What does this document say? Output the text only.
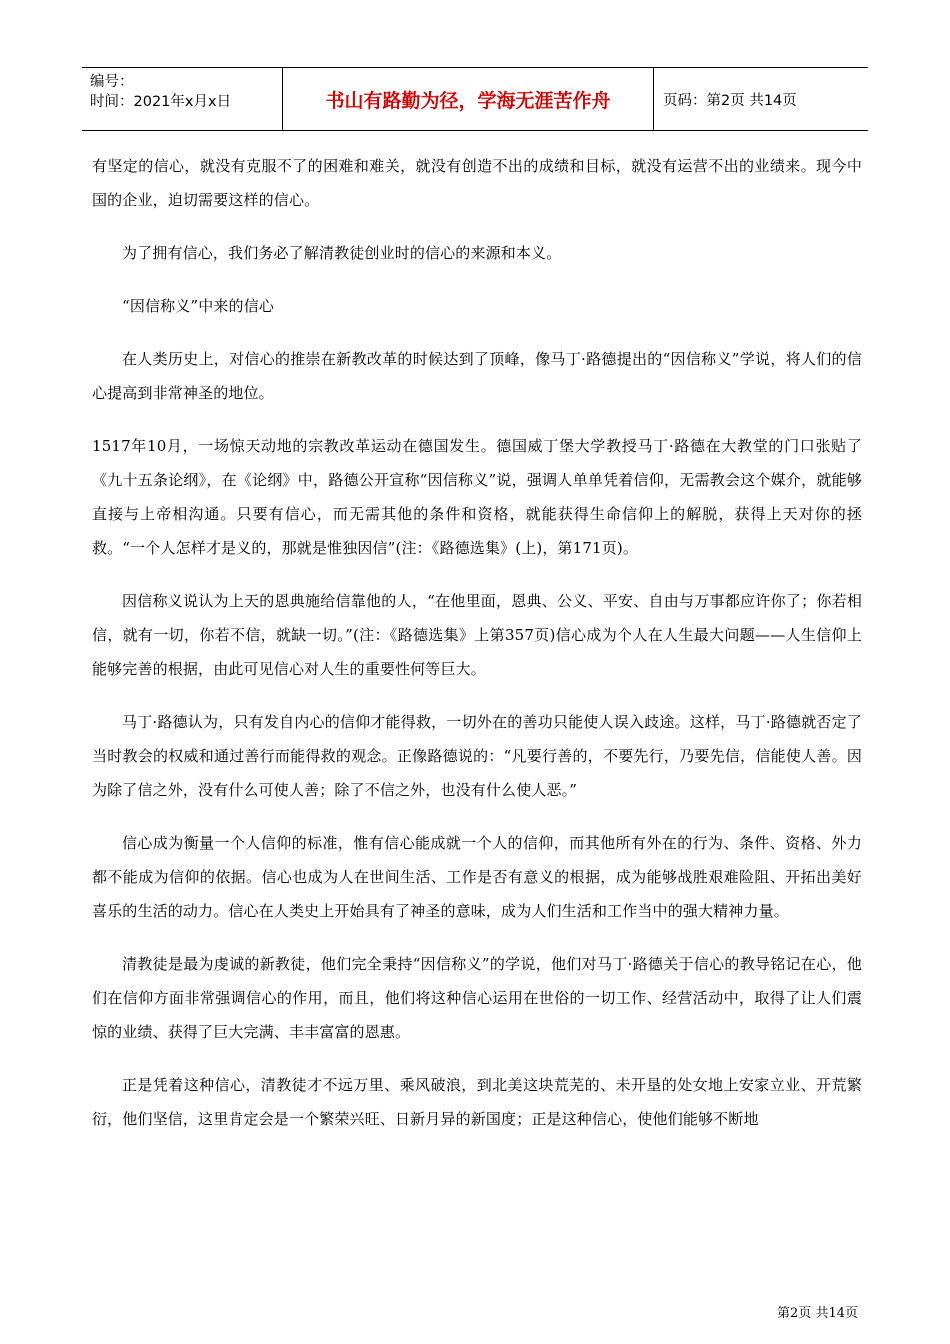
编号：
时间：2021年x月x日	书山有路勤为径，学海无涯苦作舟	页码：第2页 共14页

有坚定的信心，就没有克服不了的困难和难关，就没有创造不出的成绩和目标，就没有运营不出的业绩来。现今中国的企业，迫切需要这样的信心。

为了拥有信心，我们务必了解清教徒创业时的信心的来源和本义。

“因信称义”中来的信心

在人类历史上，对信心的推崇在新教改革的时候达到了顶峰，像马丁·路德提出的“因信称义”学说，将人们的信心提高到非常神圣的地位。

1517年10月，一场惊天动地的宗教改革运动在德国发生。德国威丁堡大学教授马丁·路德在大教堂的门口张贴了《九十五条论纲》，在《论纲》中，路德公开宣称“因信称义”说，强调人单单凭着信仰，无需教会这个媒介，就能够直接与上帝相沟通。只要有信心，而无需其他的条件和资格，就能获得生命信仰上的解脱，获得上天对你的拯救。“一个人怎样才是义的，那就是惟独因信”(注：《路德选集》(上)，第171页)。

因信称义说认为上天的恩典施给信靠他的人，“在他里面，恩典、公义、平安、自由与万事都应许你了；你若相信，就有一切，你若不信，就缺一切。”(注：《路德选集》上第357页)信心成为个人在人生最大问题——人生信仰上能够完善的根据，由此可见信心对人生的重要性何等巨大。

马丁·路德认为，只有发自内心的信仰才能得救，一切外在的善功只能使人误入歧途。这样，马丁·路德就否定了当时教会的权威和通过善行而能得救的观念。正像路德说的：“凡要行善的，不要先行，乃要先信，信能使人善。因为除了信之外，没有什么可使人善；除了不信之外，也没有什么使人恶。”

信心成为衡量一个人信仰的标准，惟有信心能成就一个人的信仰，而其他所有外在的行为、条件、资格、外力都不能成为信仰的依据。信心也成为人在世间生活、工作是否有意义的根据，成为能够战胜艰难险阻、开拓出美好喜乐的生活的动力。信心在人类史上开始具有了神圣的意味，成为人们生活和工作当中的强大精神力量。

清教徒是最为虔诚的新教徒，他们完全秉持“因信称义”的学说，他们对马丁·路德关于信心的教导铭记在心，他们在信仰方面非常强调信心的作用，而且，他们将这种信心运用在世俗的一切工作、经营活动中，取得了让人们震惊的业绩、获得了巨大完满、丰丰富富的恩惠。

正是凭着这种信心，清教徒才不远万里、乘风破浪，到北美这块荒芜的、未开垦的处女地上安家立业、开荒繁衍，他们坚信，这里肯定会是一个繁荣兴旺、日新月异的新国度；正是这种信心，使他们能够不断地

第2页 共14页
